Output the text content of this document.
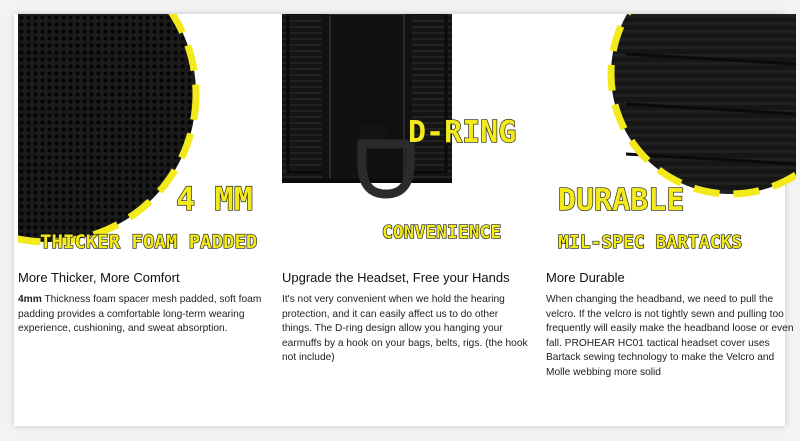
4 MM
THICKER FOAM PADDED
More Thicker, More Comfort
4mm Thickness foam spacer mesh padded, soft foam padding provides a comfortable long-term wearing experience, cushioning, and sweat absorption.
D-RING
CONVENIENCE
Upgrade the Headset, Free your Hands
It's not very convenient when we hold the hearing protection, and it can easily affect us to do other things. The D-ring design allow you hanging your earmuffs by a hook on your bags, belts, rigs. (the hook not include)
DURABLE
MIL-SPEC BARTACKS
More Durable
When changing the headband, we need to pull the velcro. If the velcro is not tightly sewn and pulling too frequently will easily make the headband loose or even fall. PROHEAR HC01 tactical headset cover uses Bartack sewing technology to make the Velcro and Molle webbing more solid
